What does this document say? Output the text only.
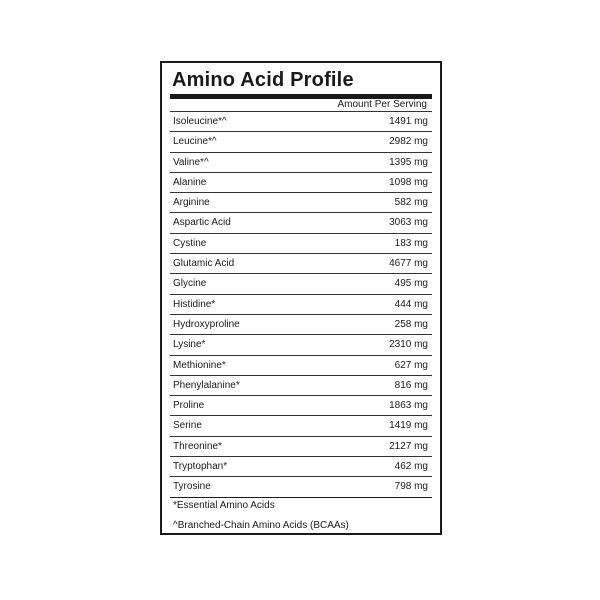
Amino Acid Profile
Amount Per Serving
Isoleucine*^	1491 mg
Leucine*^	2982 mg
Valine*^	1395 mg
Alanine	1098 mg
Arginine	582 mg
Aspartic Acid	3063 mg
Cystine	183 mg
Glutamic Acid	4677 mg
Glycine	495 mg
Histidine*	444 mg
Hydroxyproline	258 mg
Lysine*	2310 mg
Methionine*	627 mg
Phenylalanine*	816 mg
Proline	1863 mg
Serine	1419 mg
Threonine*	2127 mg
Tryptophan*	462 mg
Tyrosine	798 mg
*Essential Amino Acids
^Branched-Chain Amino Acids (BCAAs)
